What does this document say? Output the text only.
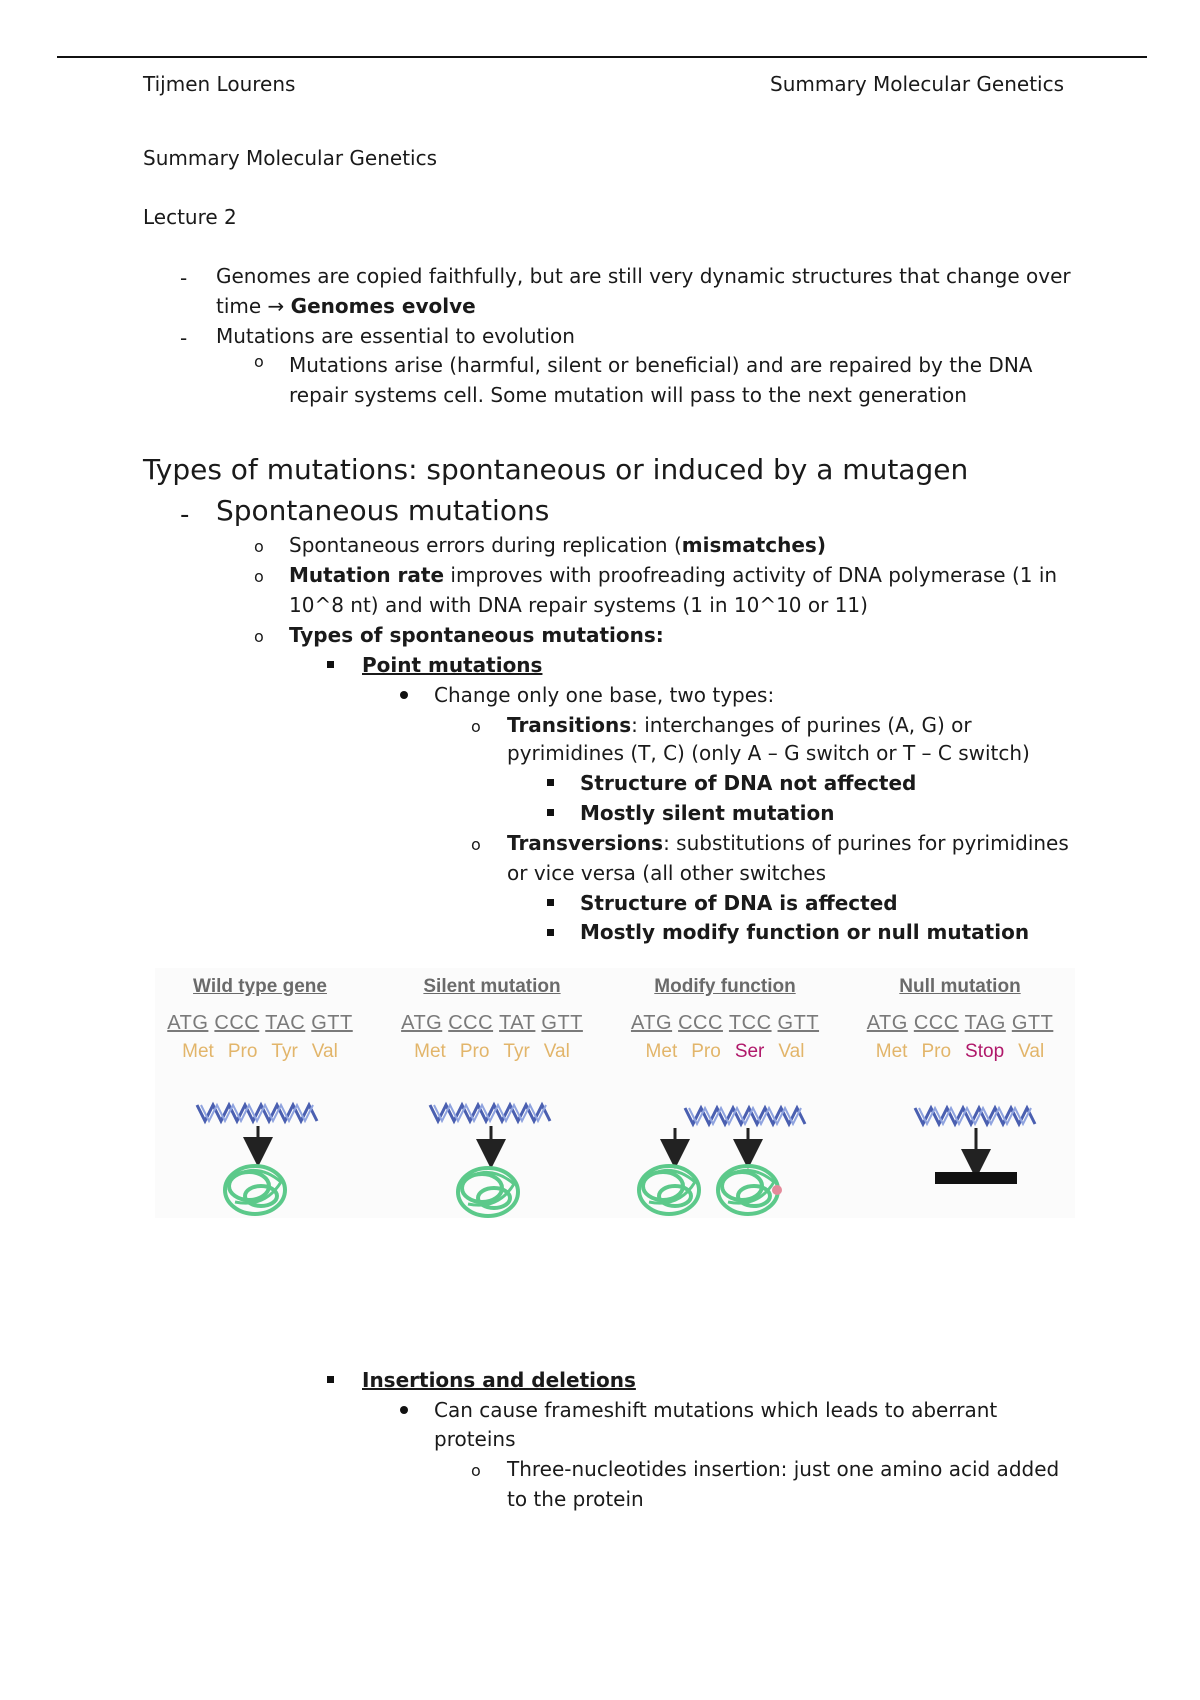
Tijmen Lourens	Summary Molecular Genetics
Summary Molecular Genetics
Lecture 2
- Genomes are copied faithfully, but are still very dynamic structures that change over
time → Genomes evolve
- Mutations are essential to evolution
o Mutations arise (harmful, silent or beneficial) and are repaired by the DNA
repair systems cell. Some mutation will pass to the next generation
Types of mutations: spontaneous or induced by a mutagen
- Spontaneous mutations
o Spontaneous errors during replication (mismatches)
o Mutation rate improves with proofreading activity of DNA polymerase (1 in
10^8 nt) and with DNA repair systems (1 in 10^10 or 11)
o Types of spontaneous mutations:
Point mutations
Change only one base, two types:
o Transitions: interchanges of purines (A, G) or
pyrimidines (T, C) (only A – G switch or T – C switch)
Structure of DNA not affected
Mostly silent mutation
o Transversions: substitutions of purines for pyrimidines
or vice versa (all other switches
Structure of DNA is affected
Mostly modify function or null mutation
Wild type gene
ATG CCC TAC GTT
Met Pro Tyr Val
Silent mutation
ATG CCC TAT GTT
Met Pro Tyr Val
Modify function
ATG CCC TCC GTT
Met Pro Ser Val
Null mutation
ATG CCC TAG GTT
Met Pro Stop Val
Insertions and deletions
Can cause frameshift mutations which leads to aberrant
proteins
o Three-nucleotides insertion: just one amino acid added
to the protein
